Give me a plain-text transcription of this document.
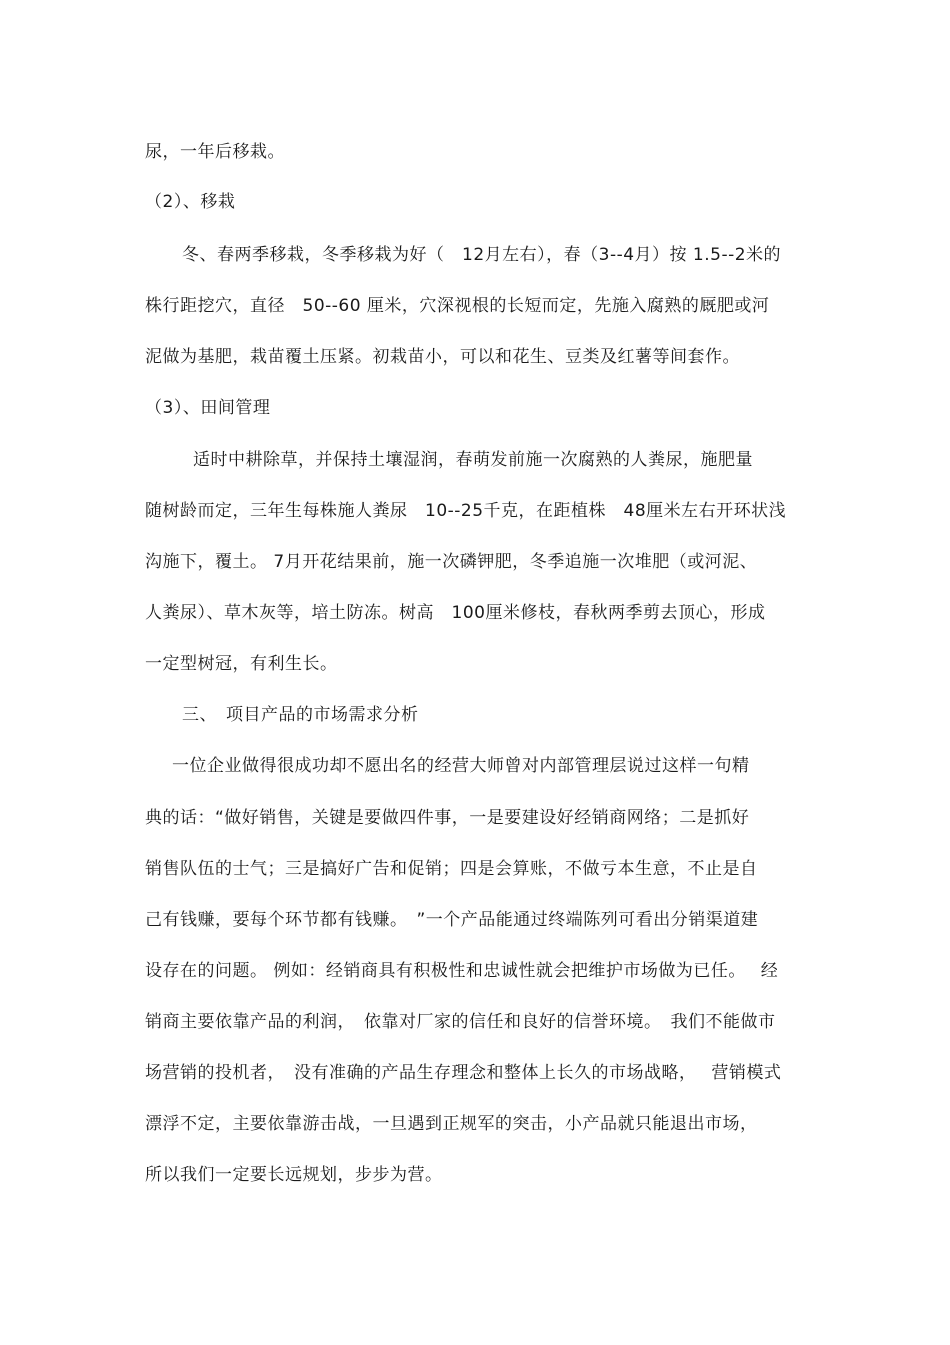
尿，一年后移栽。
（2）、移栽
冬、春两季移栽，冬季移栽为好（　12月左右），春（3--4月）按 1.5--2米的
株行距挖穴，直径　50--60 厘米，穴深视根的长短而定，先施入腐熟的厩肥或河
泥做为基肥，栽苗覆土压紧。初栽苗小，可以和花生、豆类及红薯等间套作。
（3）、田间管理
适时中耕除草，并保持土壤湿润，春萌发前施一次腐熟的人粪尿，施肥量
随树龄而定，三年生每株施人粪尿　10--25千克，在距植株　48厘米左右开环状浅
沟施下，覆土。 7月开花结果前，施一次磷钾肥，冬季追施一次堆肥（或河泥、
人粪尿）、草木灰等，培土防冻。树高　100厘米修枝，春秋两季剪去顶心，形成
一定型树冠，有利生长。
三、　项目产品的市场需求分析
一位企业做得很成功却不愿出名的经营大师曾对内部管理层说过这样一句精
典的话：“做好销售，关键是要做四件事，一是要建设好经销商网络；二是抓好
销售队伍的士气；三是搞好广告和促销；四是会算账，不做亏本生意，不止是自
己有钱赚，要每个环节都有钱赚。　”一个产品能通过终端陈列可看出分销渠道建
设存在的问题。 例如：经销商具有积极性和忠诚性就会把维护市场做为已任。　 经
销商主要依靠产品的利润，　依靠对厂家的信任和良好的信誉环境。　我们不能做市
场营销的投机者，　没有准确的产品生存理念和整体上长久的市场战略，　 营销模式
漂浮不定，主要依靠游击战，一旦遇到正规军的突击，小产品就只能退出市场，
所以我们一定要长远规划，步步为营。
